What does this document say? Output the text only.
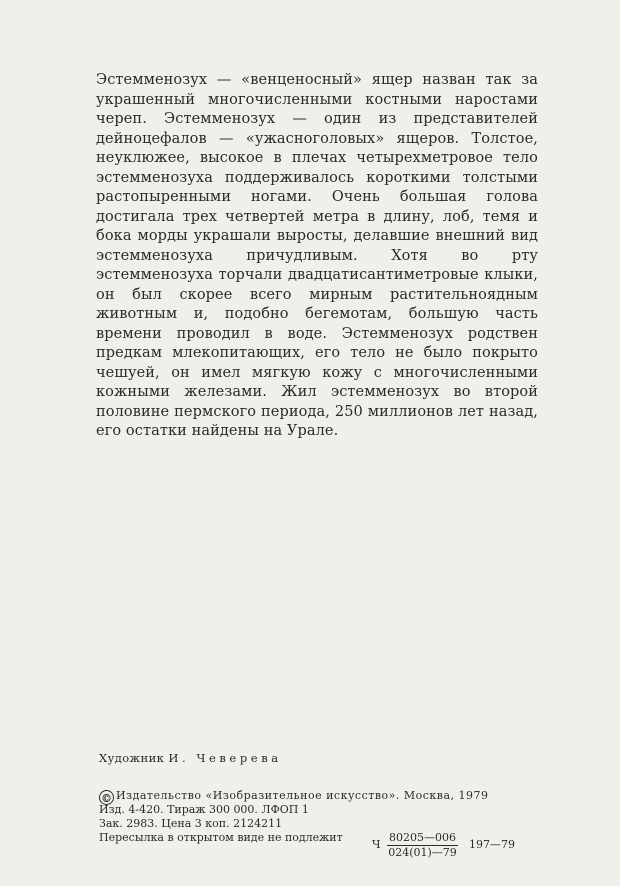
Эстемменозух — «венценосный» ящер назван так за украшенный многочисленными костными наростами череп. Эстемменозух — один из представителей дейноцефалов — «ужасноголовых» ящеров. Толстое, неуклюжее, высокое в плечах четырехметровое тело эстемменозуха поддерживалось короткими толстыми растопыренными ногами. Очень большая голова достигала трех четвертей метра в длину, лоб, темя и бока морды украшали выросты, делавшие внешний вид эстемменозуха причудливым. Хотя во рту эстемменозуха торчали двадцатисантиметровые клыки, он был скорее всего мирным растительноядным животным и, подобно бегемотам, большую часть времени проводил в воде. Эстемменозух родствен предкам млекопитающих, его тело не было покрыто чешуей, он имел мягкую кожу с многочисленными кожными железами. Жил эстемменозух во второй половине пермского периода, 250 миллионов лет назад, его остатки найдены на Урале.

Художник И. Чеверева
© Издательство «Изобразительное искусство». Москва, 1979
Изд. 4-420. Тираж 300 000. ЛФОП 1
Зак. 2983. Цена 3 коп. 2124211
Ч $\frac{80205—006}{024(01)—79}$ 197—79
Пересылка в открытом виде не подлежит
